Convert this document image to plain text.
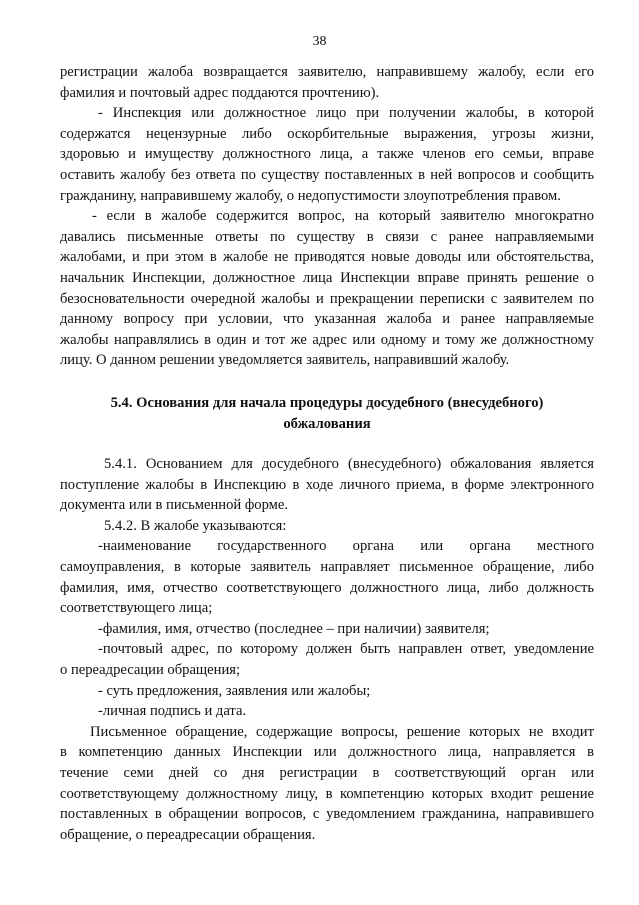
38
регистрации жалоба возвращается заявителю, направившему жалобу, если его
фамилия и почтовый адрес поддаются прочтению).
- Инспекция или должностное лицо при получении жалобы, в которой
содержатся нецензурные либо оскорбительные выражения, угрозы жизни,
здоровью и имуществу должностного лица, а также членов его семьи, вправе
оставить жалобу без ответа по существу поставленных в ней вопросов и сообщить
гражданину, направившему жалобу, о недопустимости злоупотребления правом.
- если в жалобе содержится вопрос, на который заявителю многократно
давались письменные ответы по существу в связи с ранее направляемыми
жалобами, и при этом в жалобе не приводятся новые доводы или обстоятельства,
начальник Инспекции, должностное лица Инспекции вправе принять решение о
безосновательности очередной жалобы и прекращении переписки с заявителем по
данному вопросу при условии, что указанная жалоба и ранее направляемые
жалобы направлялись в один и тот же адрес или одному и тому же должностному
лицу. О данном решении уведомляется заявитель, направивший жалобу.
5.4. Основания для начала процедуры досудебного (внесудебного)
обжалования
5.4.1. Основанием для досудебного (внесудебного) обжалования является
поступление жалобы в Инспекцию в ходе личного приема, в форме электронного
документа или в письменной форме.
5.4.2. В жалобе указываются:
-наименование государственного органа или органа местного
самоуправления, в которые заявитель направляет письменное обращение, либо
фамилия, имя, отчество соответствующего должностного лица, либо должность
соответствующего лица;
-фамилия, имя, отчество (последнее – при наличии) заявителя;
-почтовый адрес, по которому должен быть направлен ответ, уведомление
о переадресации обращения;
- суть предложения, заявления или жалобы;
-личная подпись и дата.
Письменное обращение, содержащие вопросы, решение которых не входит
в компетенцию данных Инспекции или должностного лица, направляется в
течение семи дней со дня регистрации в соответствующий орган или
соответствующему должностному лицу, в компетенцию которых входит решение
поставленных в обращении вопросов, с уведомлением гражданина, направившего
обращение, о переадресации обращения.
